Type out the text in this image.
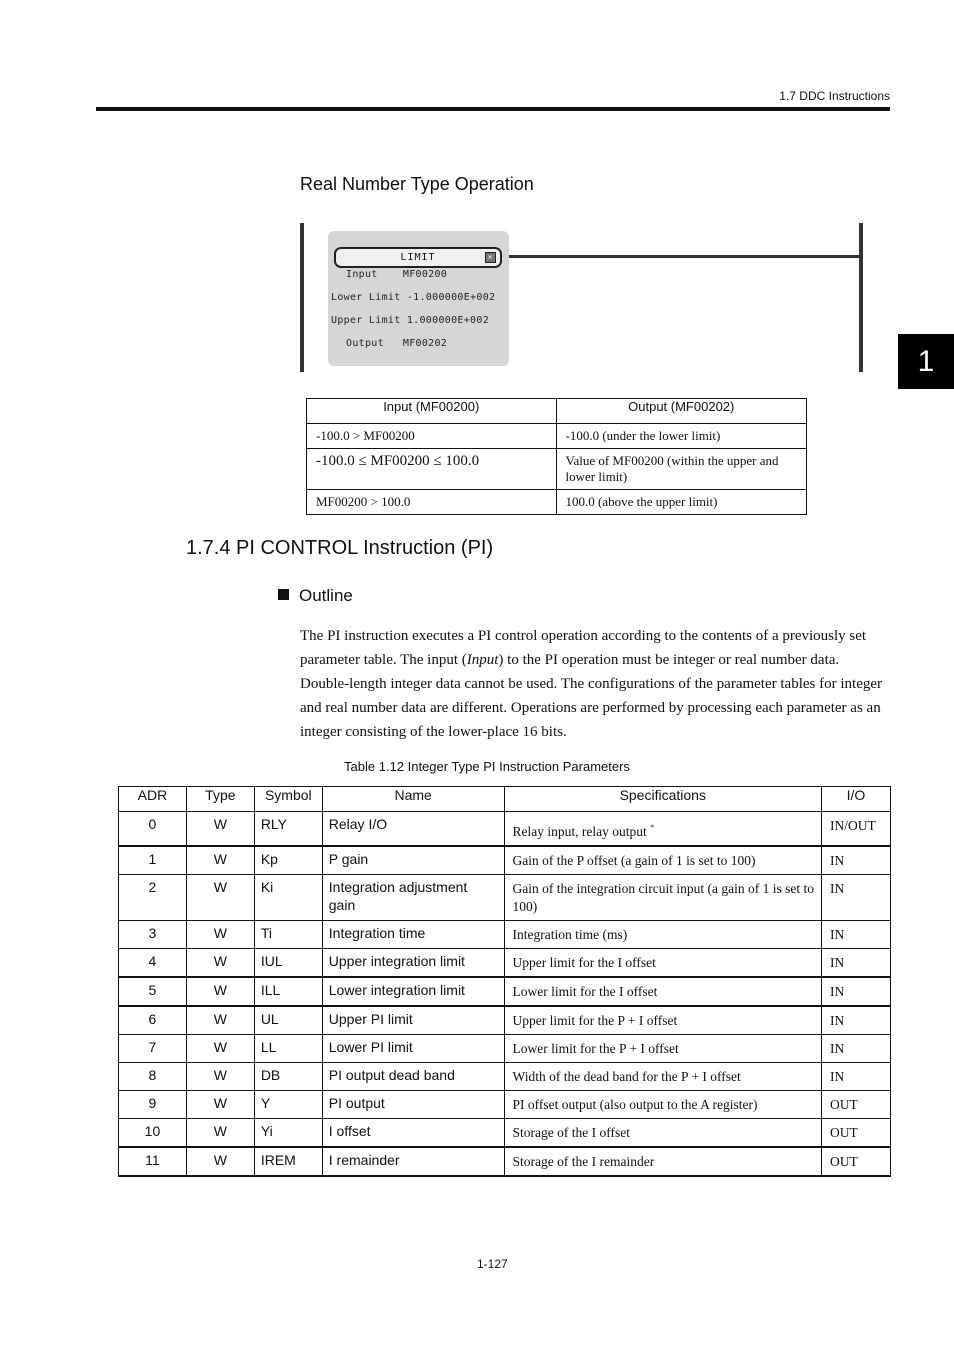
1.7 DDC Instructions
1
Real Number Type Operation
LIMIT	✕
Input    MF00200
Lower Limit -1.000000E+002
Upper Limit 1.000000E+002
Output   MF00202
Input (MF00200)	Output (MF00202)
-100.0 > MF00200	-100.0 (under the lower limit)
-100.0 ≤ MF00200 ≤ 100.0	Value of MF00200 (within the upper and lower limit)
MF00200 > 100.0	100.0 (above the upper limit)
1.7.4 PI CONTROL Instruction (PI)
Outline

The PI instruction executes a PI control operation according to the contents of a previously set parameter table. The input (Input) to the PI operation must be integer or real number data. Double-length integer data cannot be used. The configurations of the parameter tables for integer and real number data are different. Operations are performed by processing each parameter as an integer consisting of the lower-place 16 bits.

Table 1.12 Integer Type PI Instruction Parameters
ADR	Type	Symbol	Name	Specifications	I/O
0	W	RLY	Relay I/O	Relay input, relay output *	IN/OUT
1	W	Kp	P gain	Gain of the P offset (a gain of 1 is set to 100)	IN
2	W	Ki	Integration adjustment gain	Gain of the integration circuit input (a gain of 1 is set to 100)	IN
3	W	Ti	Integration time	Integration time (ms)	IN
4	W	IUL	Upper integration limit	Upper limit for the I offset	IN
5	W	ILL	Lower integration limit	Lower limit for the I offset	IN
6	W	UL	Upper PI limit	Upper limit for the P + I offset	IN
7	W	LL	Lower PI limit	Lower limit for the P + I offset	IN
8	W	DB	PI output dead band	Width of the dead band for the P + I offset	IN
9	W	Y	PI output	PI offset output (also output to the A register)	OUT
10	W	Yi	I offset	Storage of the I offset	OUT
11	W	IREM	I remainder	Storage of the I remainder	OUT
1-127
